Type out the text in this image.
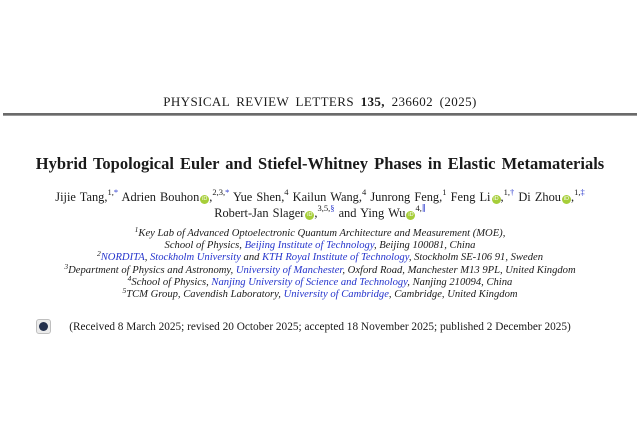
PHYSICAL REVIEW LETTERS 135, 236602 (2025)
Hybrid Topological Euler and Stiefel-Whitney Phases in Elastic Metamaterials
Jijie Tang,$^{1,*}$ Adrien Bouhon iD ,$^{2,3,*}$ Yue Shen,$^4$ Kailun Wang,$^4$ Junrong Feng,$^1$ Feng Li iD ,$^{1,\dagger}$ Di Zhou iD ,$^{1,\ddagger}$
Robert-Jan Slager iD ,$^{3,5,\S}$ and Ying Wu $iD^{4,\parallel}$
$^1$Key Lab of Advanced Optoelectronic Quantum Architecture and Measurement (MOE),
School of Physics, Beijing Institute of Technology, Beijing 100081, China
$^2$NORDITA, Stockholm University and KTH Royal Institute of Technology, Stockholm SE-106 91, Sweden
$^3$Department of Physics and Astronomy, University of Manchester, Oxford Road, Manchester M13 9PL, United Kingdom
$^4$School of Physics, Nanjing University of Science and Technology, Nanjing 210094, China
$^5$TCM Group, Cavendish Laboratory, University of Cambridge, Cambridge, United Kingdom
(Received 8 March 2025; revised 20 October 2025; accepted 18 November 2025; published 2 December 2025)
